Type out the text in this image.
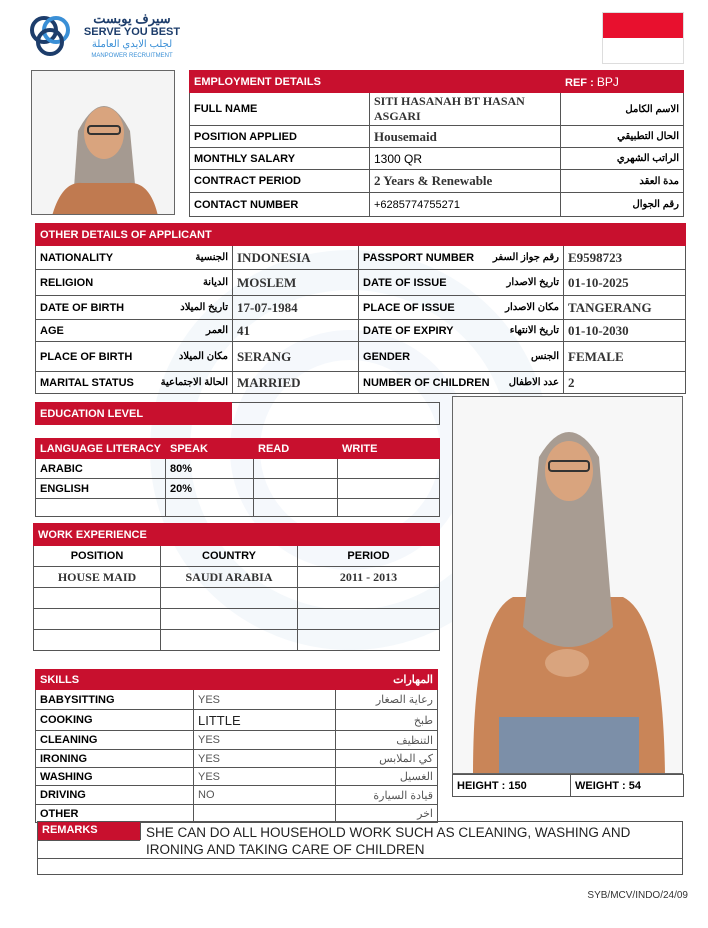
سيرف يوبست
SERVE YOU BEST
لجلب الايدي العاملة
MANPOWER RECRUITMENT
EMPLOYMENT DETAILS		REF : BPJ
FULL NAME	SITI HASANAH BT HASAN ASGARI	الاسم الكامل
POSITION APPLIED	Housemaid	الحال التطبيقي
MONTHLY SALARY	1300 QR	الراتب الشهري
CONTRACT PERIOD	2 Years & Renewable	مدة العقد
CONTACT NUMBER	+6285774755271	رقم الجوال
OTHER DETAILS OF APPLICANT			

NATIONALITY الجنسية	INDONESIA	PASSPORT NUMBER رقم جواز السفر	E9598723

RELIGION الديانة	MOSLEM	DATE OF ISSUE تاريخ الاصدار	01-10-2025

DATE OF BIRTH تاريخ الميلاد	17-07-1984	PLACE OF ISSUE مكان الاصدار	TANGERANG

AGE العمر	41	DATE OF EXPIRY تاريخ الانتهاء	01-10-2030

PLACE OF BIRTH مكان الميلاد	SERANG	GENDER الجنس	FEMALE

MARITAL STATUS الحالة الاجتماعية	MARRIED	NUMBER OF CHILDREN عدد الاطفال	2
EDUCATION LEVEL	
LANGUAGE LITERACY	SPEAK	READ	WRITE
ARABIC	80%		
ENGLISH	20%		

WORK EXPERIENCE		
POSITION	COUNTRY	PERIOD
HOUSE MAID	SAUDI ARABIA	2011 - 2013

SKILLS		المهارات
BABYSITTING	YES	رعاية الصغار
COOKING	LITTLE	طبخ
CLEANING	YES	التنظيف
IRONING	YES	كي الملابس
WASHING	YES	الغسيل
DRIVING	NO	قيادة السيارة
OTHER		اخر
HEIGHT : 150	WEIGHT : 54
REMARKS	SHE CAN DO ALL HOUSEHOLD WORK SUCH AS CLEANING, WASHING AND IRONING AND TAKING CARE OF CHILDREN
SYB/MCV/INDO/24/09
